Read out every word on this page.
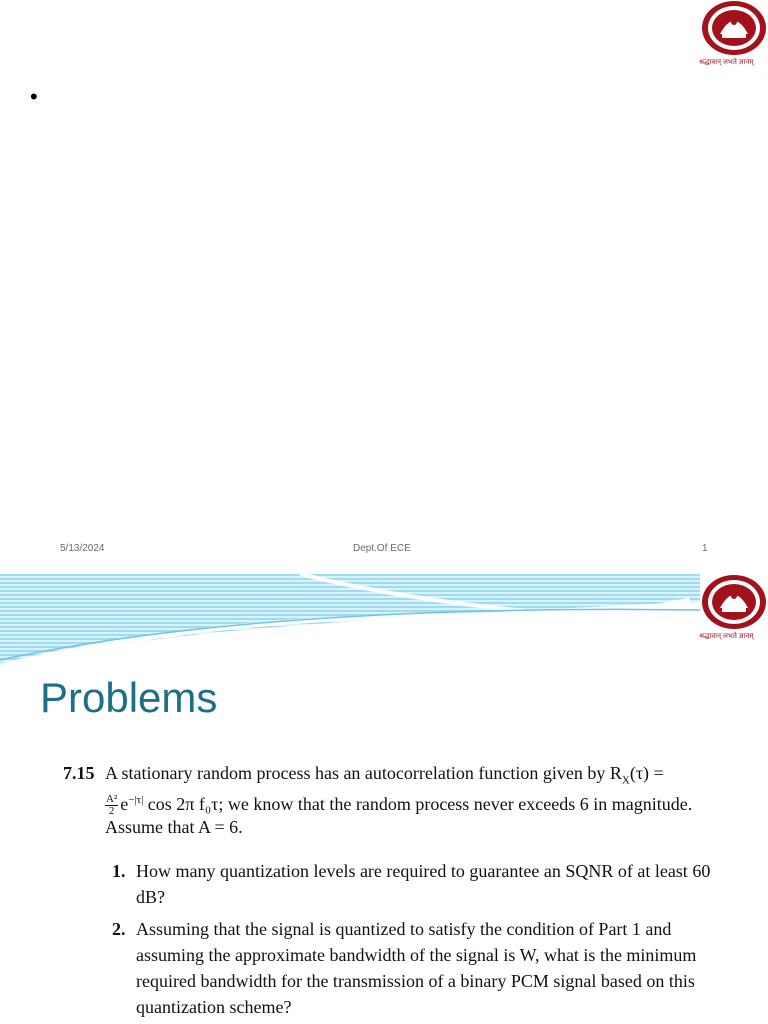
•
श्रद्धावान् लभते ज्ञानम्
5/13/2024	Dept.Of ECE	1
श्रद्धावान् लभते ज्ञानम्
Problems
7.15 A stationary random process has an autocorrelation function given by $R_X(\tau)$ =
$\frac{\text{A²}}{2} e^{-|\tau|}$ cos 2π f₀τ; we know that the random process never exceeds 6 in magnitude.
Assume that A = 6.
1. How many quantization levels are required to guarantee an SQNR of at least 60 dB?
2. Assuming that the signal is quantized to satisfy the condition of Part 1 and assuming the approximate bandwidth of the signal is W, what is the minimum required bandwidth for the transmission of a binary PCM signal based on this quantization scheme?
